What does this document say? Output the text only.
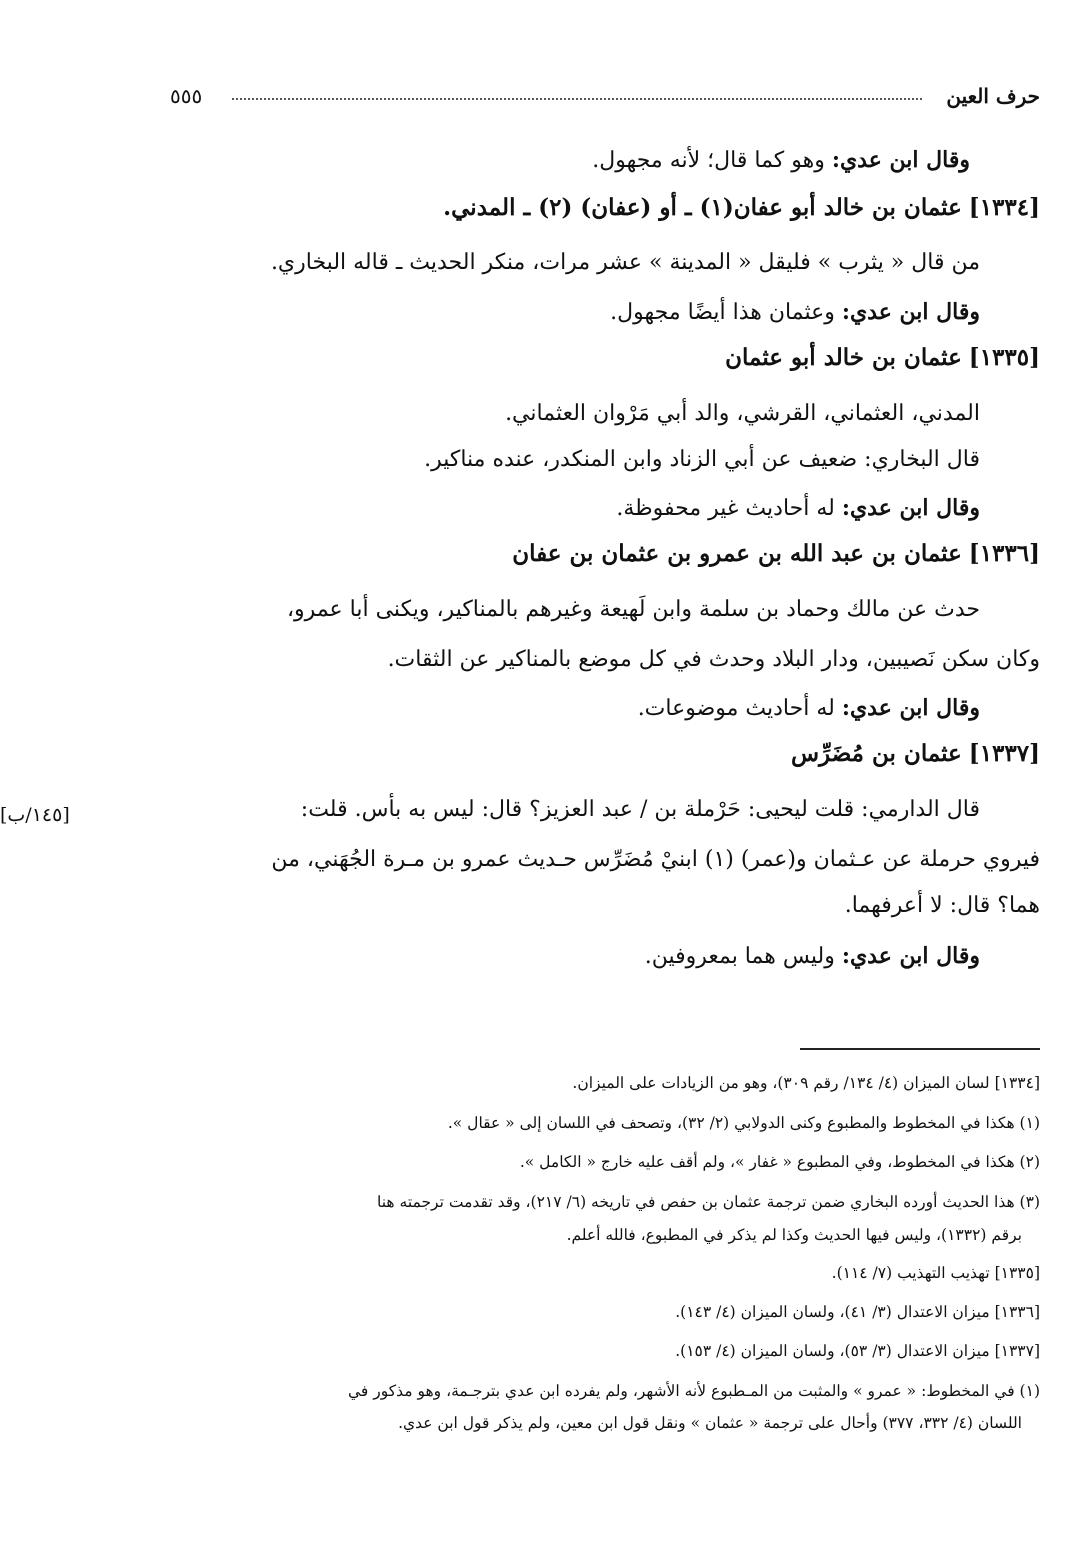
حرف العين
٥٥٥
وقال ابن عدي: وهو كما قال؛ لأنه مجهول.
[١٣٣٤] عثمان بن خالد أبو عفان(١) ـ أو (عفان) (٢) ـ المدني.
من قال « يثرب » فليقل « المدينة » عشر مرات، منكر الحديث ـ قاله البخاري.
وقال ابن عدي: وعثمان هذا أيضًا مجهول.
[١٣٣٥] عثمان بن خالد أبو عثمان
المدني، العثماني، القرشي، والد أبي مَرْوان العثماني.
قال البخاري: ضعيف عن أبي الزناد وابن المنكدر، عنده مناكير.
وقال ابن عدي: له أحاديث غير محفوظة.
[١٣٣٦] عثمان بن عبد الله بن عمرو بن عثمان بن عفان
حدث عن مالك وحماد بن سلمة وابن لَهيعة وغيرهم بالمناكير، ويكنى أبا عمرو،
وكان سكن نَصيبين، ودار البلاد وحدث في كل موضع بالمناكير عن الثقات.
وقال ابن عدي: له أحاديث موضوعات.
[١٣٣٧] عثمان بن مُضَرِّس
قال الدارمي: قلت ليحيى: حَرْملة بن / عبد العزيز؟ قال: ليس به بأس. قلت:
فيروي حرملة عن عـثمان و(عمر) (١) ابنيْ مُضَرِّس حـديث عمرو بن مـرة الجُهَني، من
هما؟ قال: لا أعرفهما.
وقال ابن عدي: وليس هما بمعروفين.
[١٤٥/ب]
[١٣٣٤] لسان الميزان (٤/ ١٣٤/ رقم ٣٠٩)، وهو من الزيادات على الميزان.
(١) هكذا في المخطوط والمطبوع وكنى الدولابي (٢/ ٣٢)، وتصحف في اللسان إلى « عقال ».
(٢) هكذا في المخطوط، وفي المطبوع « غفار »، ولم أقف عليه خارج « الكامل ».
(٣) هذا الحديث أورده البخاري ضمن ترجمة عثمان بن حفص في تاريخه (٦/ ٢١٧)، وقد تقدمت ترجمته هنا
برقم (١٣٣٢)، وليس فيها الحديث وكذا لم يذكر في المطبوع، فالله أعلم.
[١٣٣٥] تهذيب التهذيب (٧/ ١١٤).
[١٣٣٦] ميزان الاعتدال (٣/ ٤١)، ولسان الميزان (٤/ ١٤٣).
[١٣٣٧] ميزان الاعتدال (٣/ ٥٣)، ولسان الميزان (٤/ ١٥٣).
(١) في المخطوط: « عمرو » والمثبت من المـطبوع لأنه الأشهر، ولم يفرده ابن عدي بترجـمة، وهو مذكور في
اللسان (٤/ ٣٣٢، ٣٧٧) وأحال على ترجمة « عثمان » ونقل قول ابن معين، ولم يذكر قول ابن عدي.
